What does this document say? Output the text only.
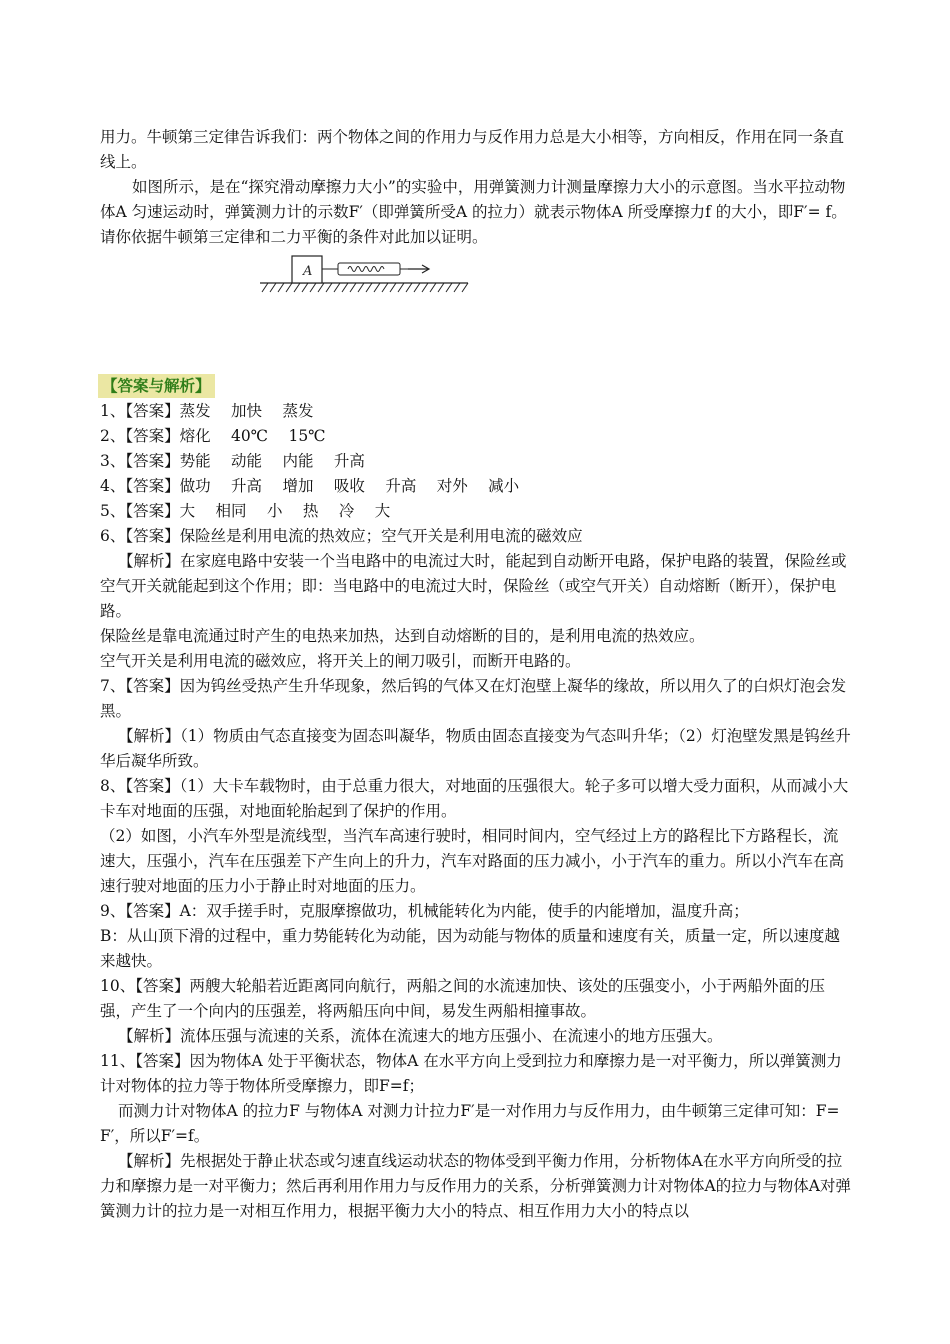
用力。牛顿第三定律告诉我们：两个物体之间的作用力与反作用力总是大小相等，方向相反，作用在同一条直线上。

如图所示，是在“探究滑动摩擦力大小”的实验中，用弹簧测力计测量摩擦力大小的示意图。当水平拉动物体A 匀速运动时，弹簧测力计的示数F′（即弹簧所受A 的拉力）就表示物体A 所受摩擦力f 的大小，即F′= f。 请你依据牛顿第三定律和二力平衡的条件对此加以证明。

A
【答案与解析】

1、【答案】蒸发　 加快　 蒸发

2、【答案】熔化　 40℃　 15℃

3、【答案】势能　 动能　 内能　 升高

4、【答案】做功　 升高　 增加　 吸收　 升高　 对外　 减小

5、【答案】大　 相同　 小　 热　 冷　 大

6、【答案】保险丝是利用电流的热效应；空气开关是利用电流的磁效应

【解析】在家庭电路中安装一个当电路中的电流过大时，能起到自动断开电路，保护电路的装置，保险丝或空气开关就能起到这个作用；即：当电路中的电流过大时，保险丝（或空气开关）自动熔断（断开），保护电路。

保险丝是靠电流通过时产生的电热来加热，达到自动熔断的目的，是利用电流的热效应。

空气开关是利用电流的磁效应，将开关上的闸刀吸引，而断开电路的。

7、【答案】因为钨丝受热产生升华现象，然后钨的气体又在灯泡壁上凝华的缘故，所以用久了的白炽灯泡会发黑。

【解析】（1）物质由气态直接变为固态叫凝华，物质由固态直接变为气态叫升华；（2）灯泡壁发黑是钨丝升华后凝华所致。

8、【答案】（1）大卡车载物时，由于总重力很大，对地面的压强很大。轮子多可以增大受力面积，从而减小大卡车对地面的压强，对地面轮胎起到了保护的作用。

（2）如图，小汽车外型是流线型，当汽车高速行驶时，相同时间内，空气经过上方的路程比下方路程长，流速大，压强小，汽车在压强差下产生向上的升力，汽车对路面的压力减小，小于汽车的重力。所以小汽车在高速行驶对地面的压力小于静止时对地面的压力。

9、【答案】A：双手搓手时，克服摩擦做功，机械能转化为内能，使手的内能增加，温度升高；

B：从山顶下滑的过程中，重力势能转化为动能，因为动能与物体的质量和速度有关，质量一定，所以速度越来越快。

10、【答案】两艘大轮船若近距离同向航行，两船之间的水流速加快、该处的压强变小，小于两船外面的压强，产生了一个向内的压强差，将两船压向中间，易发生两船相撞事故。

【解析】流体压强与流速的关系，流体在流速大的地方压强小、在流速小的地方压强大。

11、【答案】因为物体A 处于平衡状态，物体A 在水平方向上受到拉力和摩擦力是一对平衡力，所以弹簧测力计对物体的拉力等于物体所受摩擦力，即F=f；

而测力计对物体A 的拉力F 与物体A 对测力计拉力F′是一对作用力与反作用力，由牛顿第三定律可知：F= F′，所以F′=f。

【解析】先根据处于静止状态或匀速直线运动状态的物体受到平衡力作用，分析物体A在水平方向所受的拉力和摩擦力是一对平衡力；然后再利用作用力与反作用力的关系，分析弹簧测力计对物体A的拉力与物体A对弹簧测力计的拉力是一对相互作用力，根据平衡力大小的特点、相互作用力大小的特点以
